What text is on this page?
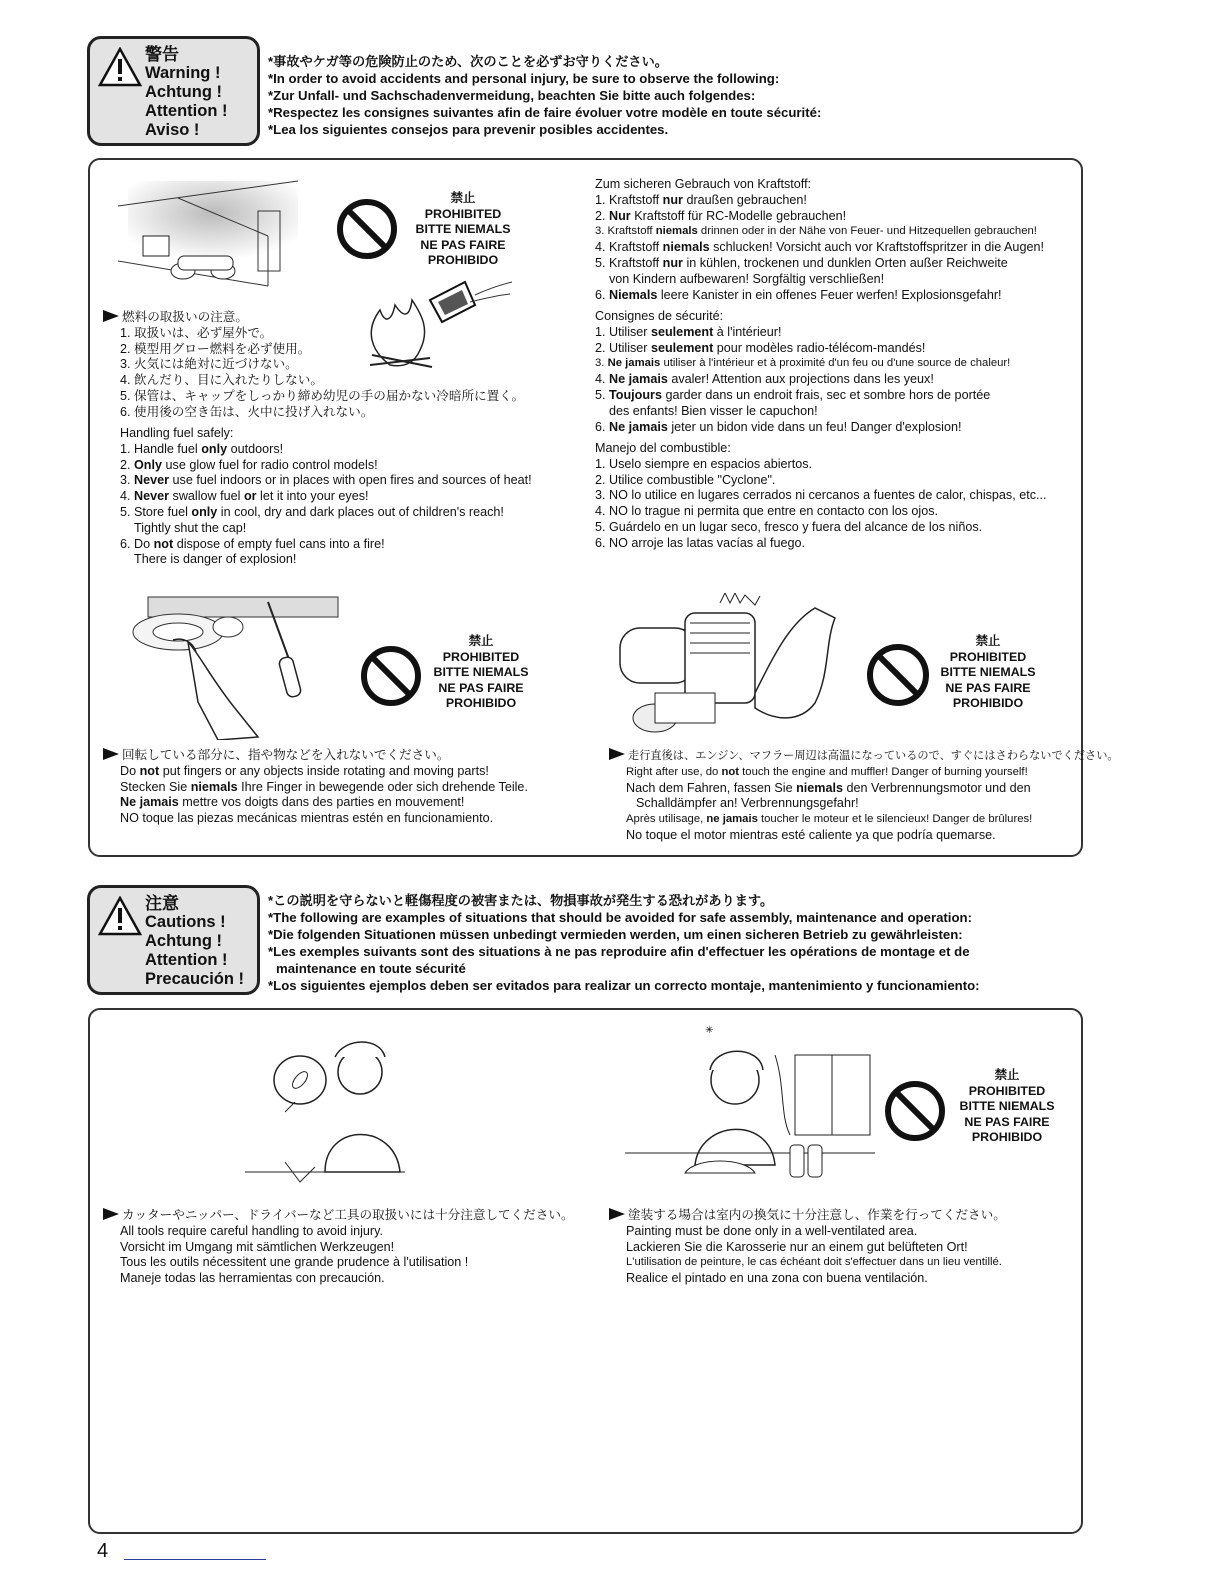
警告
Warning !
Achtung !
Attention !
Aviso !
*事故やケガ等の危険防止のため、次のことを必ずお守りください。
*In order to avoid accidents and personal injury, be sure to observe the following:
*Zur Unfall- und Sachschadenvermeidung, beachten Sie bitte auch folgendes:
*Respectez les consignes suivantes afin de faire évoluer votre modèle en toute sécurité:
*Lea los siguientes consejos para prevenir posibles accidentes.
禁止
PROHIBITED
BITTE NIEMALS
NE PAS FAIRE
PROHIBIDO
燃料の取扱いの注意。
1. 取扱いは、必ず屋外で。
2. 模型用グロー燃料を必ず使用。
3. 火気には絶対に近づけない。
4. 飲んだり、目に入れたりしない。
5. 保管は、キャップをしっかり締め幼児の手の届かない冷暗所に置く。
6. 使用後の空き缶は、火中に投げ入れない。
Handling fuel safely:
1. Handle fuel only outdoors!
2. Only use glow fuel for radio control models!
3. Never use fuel indoors or in places with open fires and sources of heat!
4. Never swallow fuel or let it into your eyes!
5. Store fuel only in cool, dry and dark places out of children's reach!
Tightly shut the cap!
6. Do not dispose of empty fuel cans into a fire!
There is danger of explosion!
Zum sicheren Gebrauch von Kraftstoff:
1. Kraftstoff nur draußen gebrauchen!
2. Nur Kraftstoff für RC-Modelle gebrauchen!
3. Kraftstoff niemals drinnen oder in der Nähe von Feuer- und Hitzequellen gebrauchen!
4. Kraftstoff niemals schlucken! Vorsicht auch vor Kraftstoffspritzer in die Augen!
5. Kraftstoff nur in kühlen, trockenen und dunklen Orten außer Reichweite
von Kindern aufbewaren! Sorgfältig verschließen!
6. Niemals leere Kanister in ein offenes Feuer werfen! Explosionsgefahr!
Consignes de sécurité:
1. Utiliser seulement à l'intérieur!
2. Utiliser seulement pour modèles radio-télécom-mandés!
3. Ne jamais utiliser à l'intérieur et à proximité d'un feu ou d'une source de chaleur!
4. Ne jamais avaler! Attention aux projections dans les yeux!
5. Toujours garder dans un endroit frais, sec et sombre hors de portée
des enfants! Bien visser le capuchon!
6. Ne jamais jeter un bidon vide dans un feu! Danger d'explosion!
Manejo del combustible:
1. Uselo siempre en espacios abiertos.
2. Utilice combustible "Cyclone".
3. NO lo utilice en lugares cerrados ni cercanos a fuentes de calor, chispas, etc...
4. NO lo trague ni permita que entre en contacto con los ojos.
5. Guárdelo en un lugar seco, fresco y fuera del alcance de los niños.
6. NO arroje las latas vacías al fuego.
禁止
PROHIBITED
BITTE NIEMALS
NE PAS FAIRE
PROHIBIDO
禁止
PROHIBITED
BITTE NIEMALS
NE PAS FAIRE
PROHIBIDO
回転している部分に、指や物などを入れないでください。
Do not put fingers or any objects inside rotating and moving parts!
Stecken Sie niemals Ihre Finger in bewegende oder sich drehende Teile.
Ne jamais mettre vos doigts dans des parties en mouvement!
NO toque las piezas mecánicas mientras estén en funcionamiento.
走行直後は、エンジン、マフラー周辺は高温になっているので、すぐにはさわらないでください。
Right after use, do not touch the engine and muffler! Danger of burning yourself!
Nach dem Fahren, fassen Sie niemals den Verbrennungsmotor und den
Schalldämpfer an! Verbrennungsgefahr!
Après utilisage, ne jamais toucher le moteur et le silencieux! Danger de brûlures!
No toque el motor mientras esté caliente ya que podría quemarse.
注意
Cautions !
Achtung !
Attention !
Precaución !
*この説明を守らないと軽傷程度の被害または、物損事故が発生する恐れがあります。
*The following are examples of situations that should be avoided for safe assembly, maintenance and operation:
*Die folgenden Situationen müssen unbedingt vermieden werden, um einen sicheren Betrieb zu gewährleisten:
*Les exemples suivants sont des situations à ne pas reproduire afin d'effectuer les opérations de montage et de
maintenance en toute sécurité
*Los siguientes ejemplos deben ser evitados para realizar un correcto montaje, mantenimiento y funcionamiento:
✳
禁止
PROHIBITED
BITTE NIEMALS
NE PAS FAIRE
PROHIBIDO
カッターやニッパー、ドライバーなど工具の取扱いには十分注意してください。
All tools require careful handling to avoid injury.
Vorsicht im Umgang mit sämtlichen Werkzeugen!
Tous les outils nécessitent une grande prudence à l'utilisation !
Maneje todas las herramientas con precaución.
塗装する場合は室内の換気に十分注意し、作業を行ってください。
Painting must be done only in a well-ventilated area.
Lackieren Sie die Karosserie nur an einem gut belüfteten Ort!
L'utilisation de peinture, le cas échéant doit s'effectuer dans un lieu ventillé.
Realice el pintado en una zona con buena ventilación.
4
